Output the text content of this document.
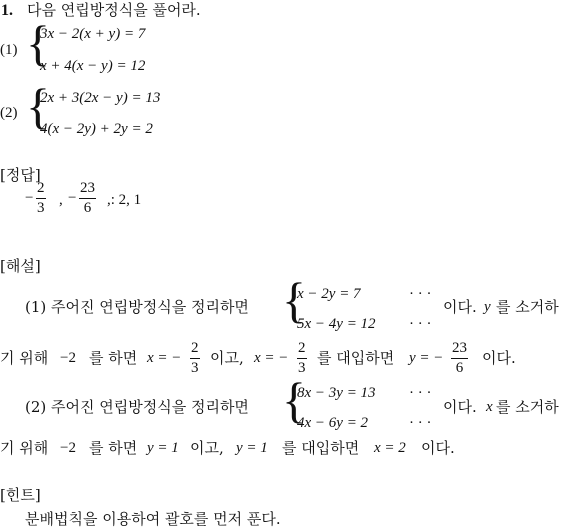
1. 다음 연립방정식을 풀어라.
(1) {
3x − 2(x + y) = 7
x + 4(x − y) = 12
(2) {
2x + 3(2x − y) = 13
4(x − 2y) + 2y = 2
[정답]
−
2
3 , −
23
6 ,: 2, 1
[해설]
(1) 주어진 연립방정식을 정리하면 {
x − 2y = 7	· · ·
5x − 4y = 12 · · ·
이다. y 를 소거하
기 위해 −2 를 하면 x = −
2
3
이고, x = −
2
3
를 대입하면 y = −
23
6
이다.
(2) 주어진 연립방정식을 정리하면 {
8x − 3y = 13 · · ·
4x − 6y = 2	· · ·
이다. x 를 소거하
기 위해 −2 를 하면 y = 1 이고, y = 1 를 대입하면 x = 2 이다.
[힌트]
분배법칙을 이용하여 괄호를 먼저 푼다.
